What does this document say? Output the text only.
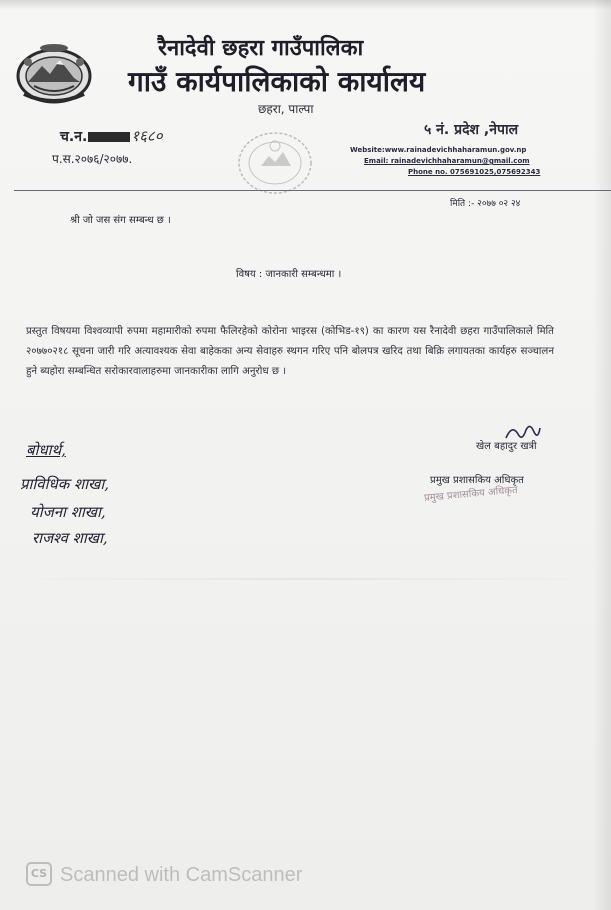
रैनादेवी छहरा गाउँपालिका
गाउँ कार्यपालिकाको कार्यालय
छहरा, पाल्पा
च.न.	१६८०
प.स.२०७६/२०७७.
५ नं. प्रदेश ,नेपाल
Website:www.rainadevichhaharamun.gov.np
Email: rainadevichhaharamun@gmail.com
Phone no. 075691025,075692343
मिति :- २०७७ ०२ २४
श्री जो जस संग सम्बन्ध छ ।
विषय : जानकारी सम्बन्धमा ।
प्रस्तुत विषयमा विश्वव्यापी रुपमा महामारीको रुपमा फैलिरहेको कोरोना भाइरस (कोभिड-१९) का कारण यस रैनादेवी छहरा गाउँपालिकाले मिति २०७७०२१८ सूचना जारी गरि अत्यावश्यक सेवा बाहेकका अन्य सेवाहरु स्थगन गरिए पनि बोलपत्र खरिद तथा बिक्रि लगायतका कार्यहरु सञ्चालन हुने ब्यहोरा सम्बन्धित सरोकारवालाहरुमा जानकारीका लागि अनुरोध छ ।
खेल बहादुर खत्री
प्रमुख प्रशासकिय अधिकृत
प्रमुख प्रशासकिय अधिकृत
बोधार्थ,
प्राविधिक शाखा,
योजना शाखा,
राजश्व शाखा,
CS Scanned with CamScanner
